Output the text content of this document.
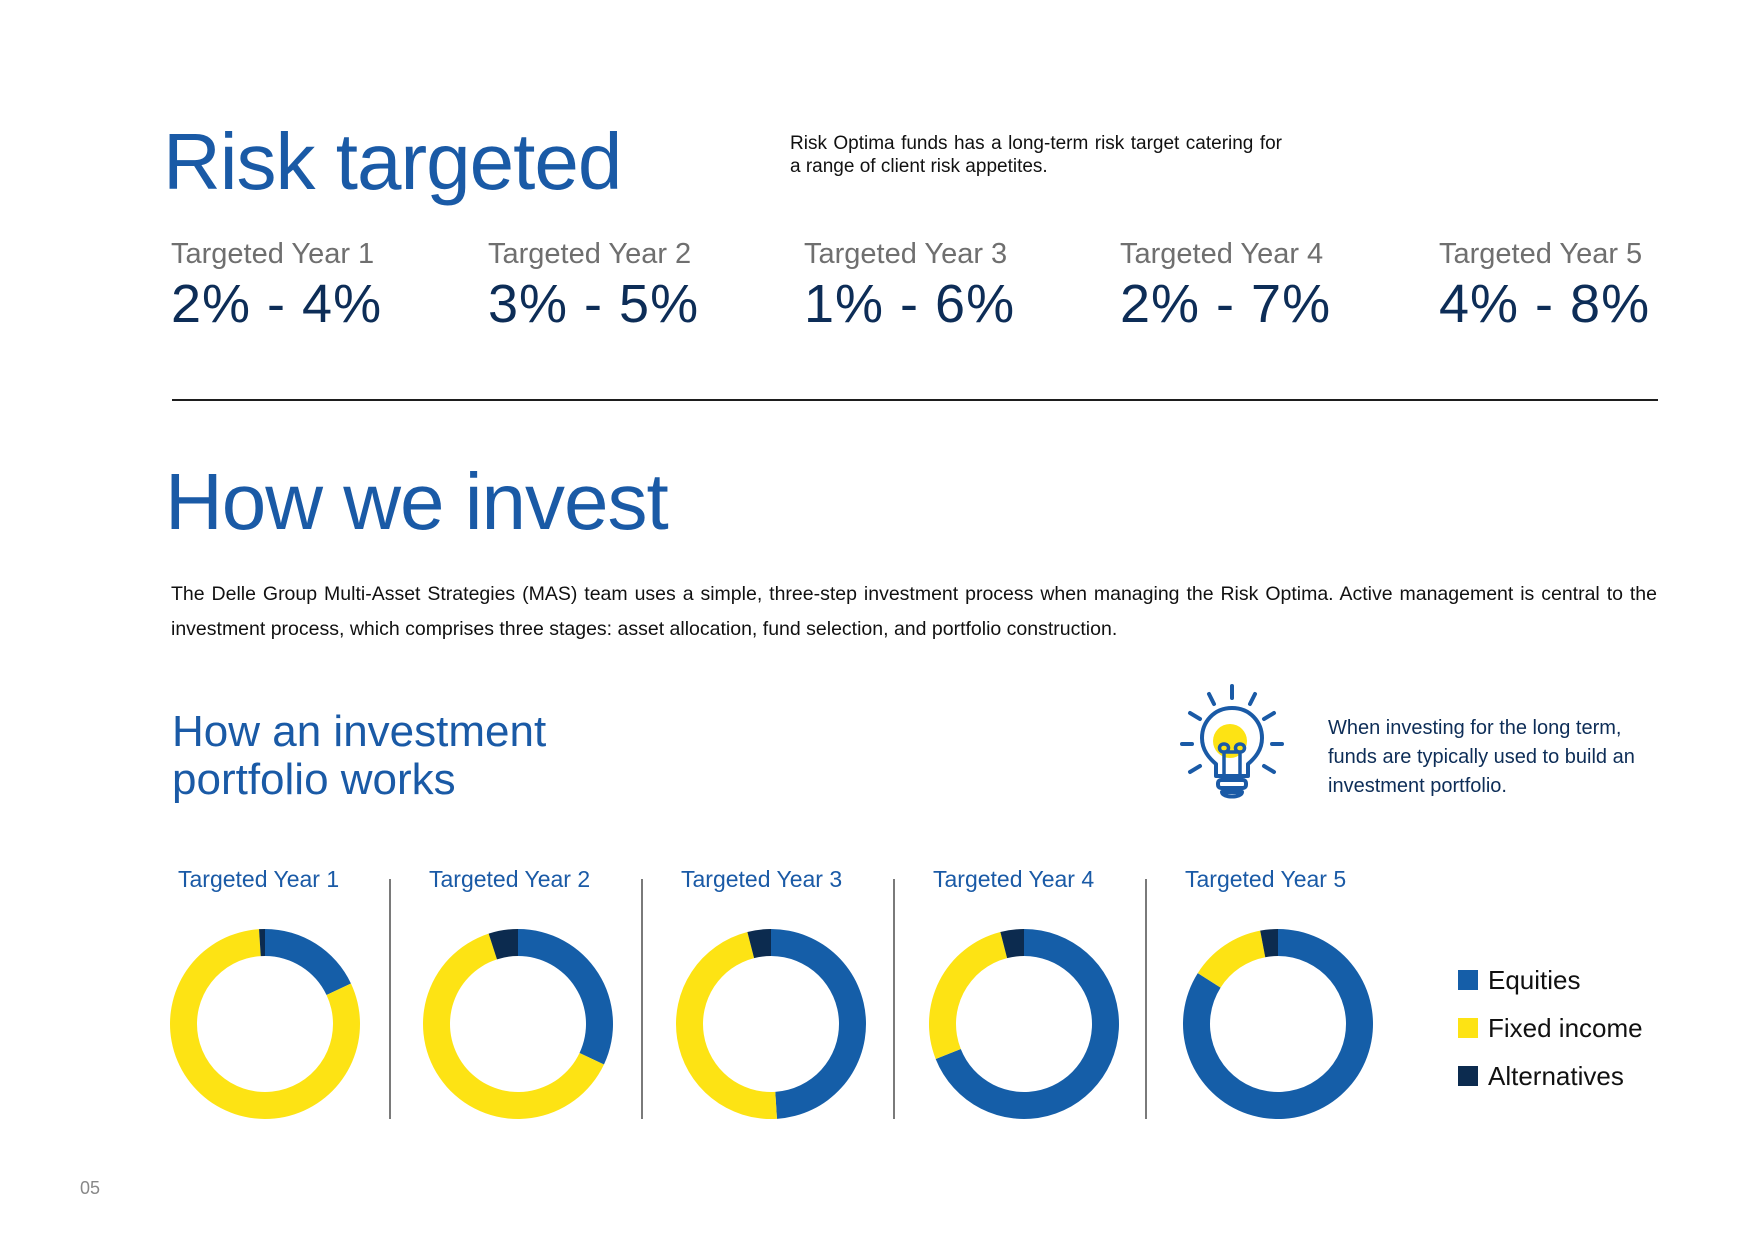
Risk targeted	Risk Optima funds has a long-term risk target catering for a range of client risk appetites.
Targeted Year 1
2% - 4%
Targeted Year 2
3% - 5%
Targeted Year 3
1% - 6%
Targeted Year 4
2% - 7%
Targeted Year 5
4% - 8%
How we invest
The Delle Group Multi-Asset Strategies (MAS) team uses a simple, three-step investment process when managing the Risk Optima. Active management is central to the investment process, which comprises three stages: asset allocation, fund selection, and portfolio construction.
How an investment
portfolio works
When investing for the long term, funds are typically used to build an investment portfolio.
Targeted Year 1	Targeted Year 2	Targeted Year 3	Targeted Year 4	Targeted Year 5
Equities
Fixed income
Alternatives
05
